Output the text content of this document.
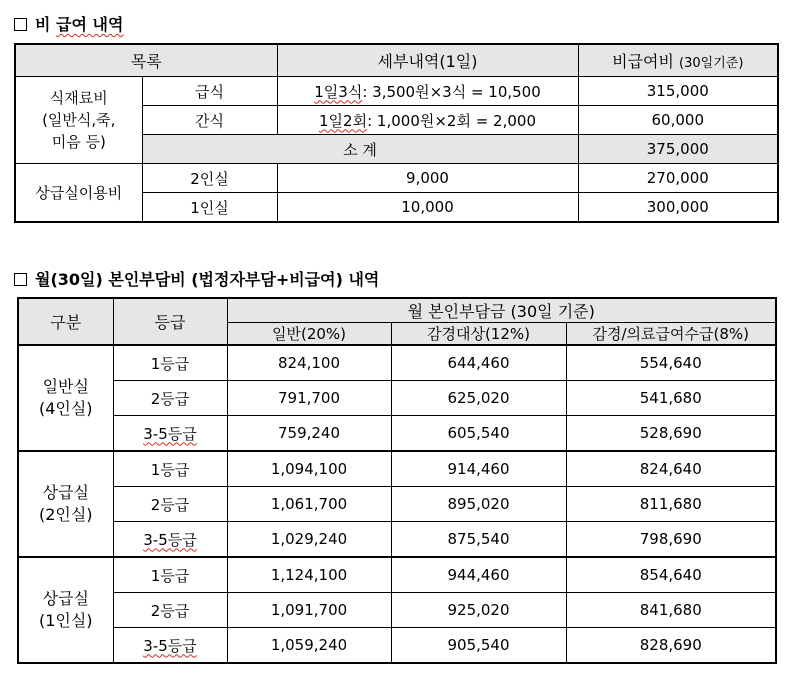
비 급여 내역
목록		세부내역(1일)	비급여비 (30일기준)
식재료비
(일반식,죽,
미음 등)	급식	1일3식: 3,500원×3식 = 10,500	315,000
	간식	1일2회: 1,000원×2회 = 2,000	60,000
	소 계		375,000
상급실이용비	2인실	9,000	270,000
	1인실	10,000	300,000
월(30일) 본인부담비 (법정자부담+비급여) 내역
구분	등급	월 본인부담금 (30일 기준)		
		일반(20%)	감경대상(12%)	감경/의료급여수급(8%)
일반실
(4인실)	1등급	824,100	644,460	554,640
	2등급	791,700	625,020	541,680
	3-5등급	759,240	605,540	528,690
상급실
(2인실)	1등급	1,094,100	914,460	824,640
	2등급	1,061,700	895,020	811,680
	3-5등급	1,029,240	875,540	798,690
상급실
(1인실)	1등급	1,124,100	944,460	854,640
	2등급	1,091,700	925,020	841,680
	3-5등급	1,059,240	905,540	828,690
